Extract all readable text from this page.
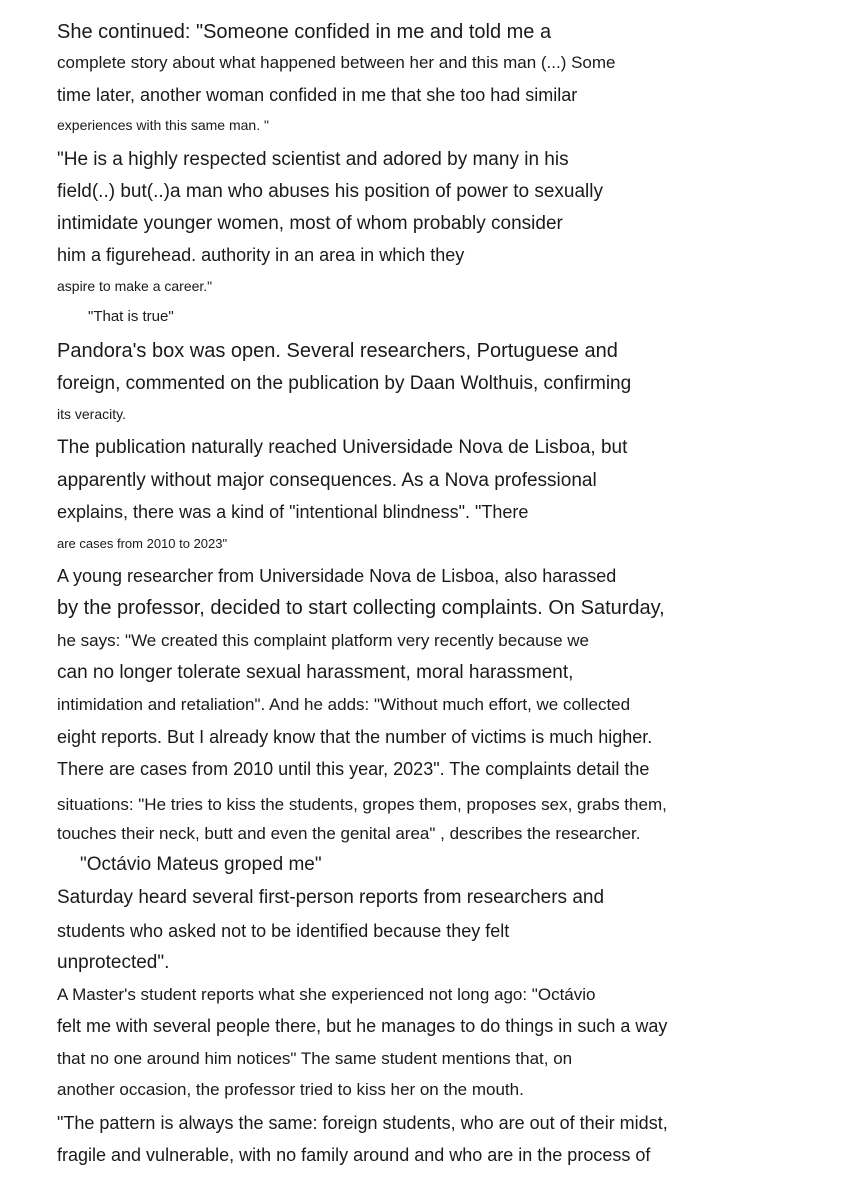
She continued: "Someone confided in me and told me a

complete story about what happened between her and this man (...) Some

time later, another woman confided in me that she too had similar

experiences with this same man. "

"He is a highly respected scientist and adored by many in his

field(..) but(..)a man who abuses his position of power to sexually

intimidate younger women, most of whom probably consider

him a figurehead. authority in an area in which they

aspire to make a career."

"That is true"

Pandora's box was open. Several researchers, Portuguese and

foreign, commented on the publication by Daan Wolthuis, confirming

its veracity.

The publication naturally reached Universidade Nova de Lisboa, but

apparently without major consequences. As a Nova professional

explains, there was a kind of "intentional blindness". "There

are cases from 2010 to 2023"

A young researcher from Universidade Nova de Lisboa, also harassed

by the professor, decided to start collecting complaints. On Saturday,

he says: "We created this complaint platform very recently because we

can no longer tolerate sexual harassment, moral harassment,

intimidation and retaliation". And he adds: "Without much effort, we collected

eight reports. But I already know that the number of victims is much higher.

There are cases from 2010 until this year, 2023". The complaints detail the

situations: "He tries to kiss the students, gropes them, proposes sex, grabs them,

touches their neck, butt and even the genital area" , describes the researcher.

"Octávio Mateus groped me"

Saturday heard several first-person reports from researchers and

students who asked not to be identified because they felt

unprotected".

A Master's student reports what she experienced not long ago: "Octávio

felt me with several people there, but he manages to do things in such a way

that no one around him notices" The same student mentions that, on

another occasion, the professor tried to kiss her on the mouth.

"The pattern is always the same: foreign students, who are out of their midst,

fragile and vulnerable, with no family around and who are in the process of
